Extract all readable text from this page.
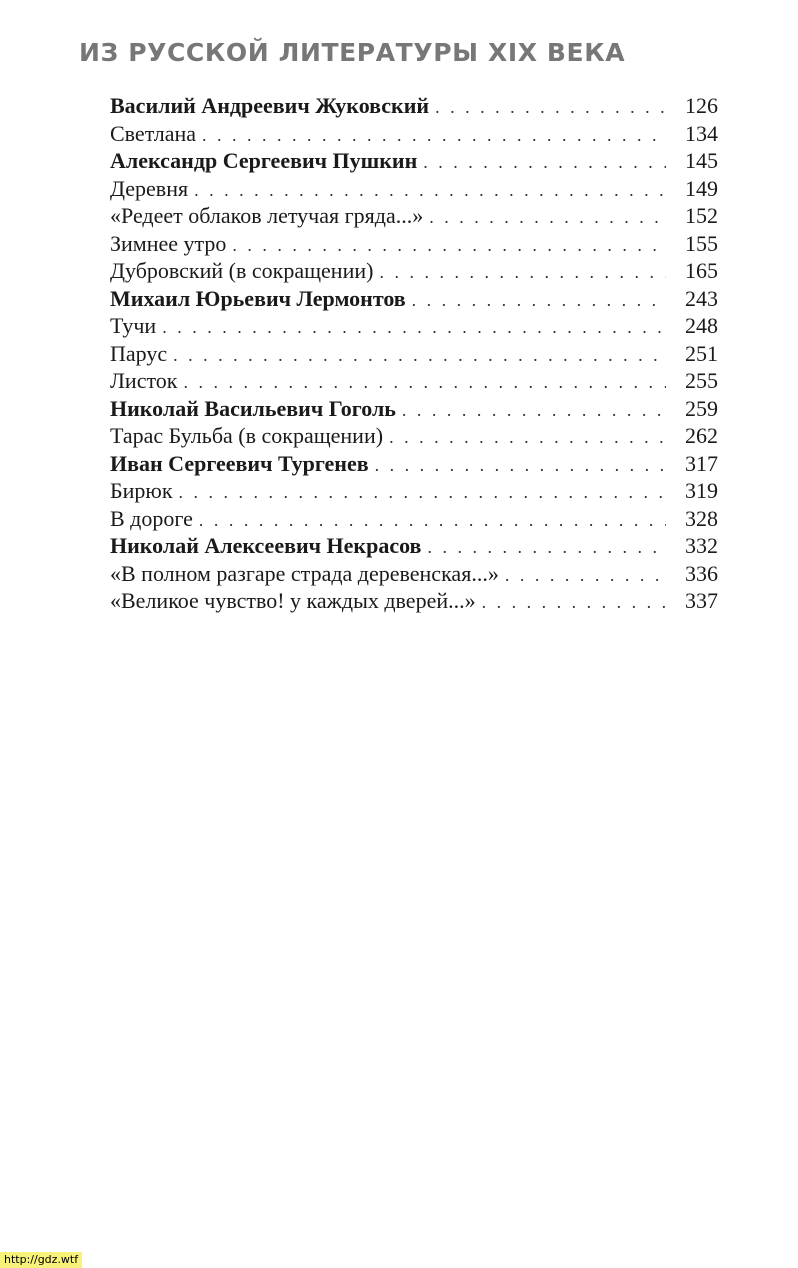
ИЗ РУССКОЙ ЛИТЕРАТУРЫ XIX ВЕКА
Василий Андреевич Жуковский . . .	126
Светлана . . .	134
Александр Сергеевич Пушкин . . .	145
Деревня . . .	149
«Редеет облаков летучая гряда...» . . .	152
Зимнее утро . . .	155
Дубровский (в сокращении) . . .	165
Михаил Юрьевич Лермонтов . . .	243
Тучи . . .	248
Парус . . .	251
Листок . . .	255
Николай Васильевич Гоголь . . .	259
Тарас Бульба (в сокращении) . . .	262
Иван Сергеевич Тургенев . . .	317
Бирюк . . .	319
В дороге . . .	328
Николай Алексеевич Некрасов . . .	332
«В полном разгаре страда деревенская...» . . .	336
«Великое чувство! у каждых дверей...» . . .	337
http://gdz.wtf
